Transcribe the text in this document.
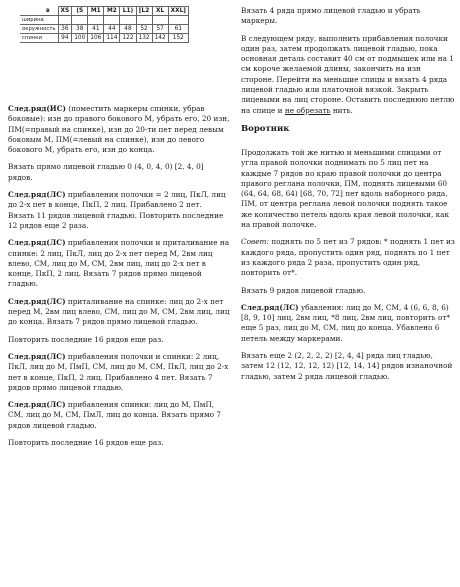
в	XS	(S	M1	M2	L1)	[L2	XL	XXL]
ширина								
окружность	36	38	41	44	48	52	57	61
спинки	94	100	106	114	122	132	142	152

След.ряд(ИС) (поместить маркеры спинки, убрав боковые): изн до правого бокового М, убрать его, 20 изн, ПМ(=правый на спинке), изн до 20-ти пет перед левым боковым М, ПМ(=левый на спинке), изн до левого бокового М, убрать его, изн до конца.

Вязать прямо лицевой гладью 0 (4, 0, 4, 0) [2, 4, 0] рядов.

След.ряд(ЛС) прибавления полочки = 2 лиц, ПкЛ, лиц до 2-х пет в конце, ПкП, 2 лиц. Прибавлено 2 пет. Вязать 11 рядов лицевой гладью. Повторить последние 12 рядов еще 2 раза.

След.ряд(ЛС) прибавления полочки и приталивание на спинке: 2 лиц, ПкЛ, лиц до 2-х пет перед М, 2вм лиц влево, СМ, лиц до М, СМ, 2вм лиц, лиц до 2-х пет в конце, ПкП, 2 лиц. Вязать 7 рядов прямо лицевой гладью.

След.ряд(ЛС) приталивание на спинке: лиц до 2-х пет перед М, 2вм лиц влево, СМ, лиц до М, СМ, 2вм лиц, лиц до конца. Вязать 7 рядов прямо лицевой гладью.

Повторить последние 16 рядов еще раз.

След.ряд(ЛС) прибавления полочки и спинки: 2 лиц, ПкЛ, лиц до М, ПмП, СМ, лиц до М, СМ, ПкЛ, лиц до 2-х пет в конце, ПкП, 2 лиц. Прибавлено 4 пет. Вязать 7 рядов прямо лицевой гладью.

След.ряд(ЛС) прибавления спинки: лиц до М, ПмП, СМ, лиц до М, СМ, ПмЛ, лиц до конца. Вязать прямо 7 рядов лицевой гладью.

Повторить последние 16 рядов еще раз.

Вязать 4 ряда прямо лицевой гладью и убрать маркеры.

В следующем ряду, выполнить прибавления полочки один раз, затем продолжать лицевой гладью, пока основная деталь составит 40 см от подмышек или на 1 см короче желаемой длины, закончить на изн стороне. Перейти на меньшие спицы и вязать 4 ряда лицевой гладью или платочной вязкой. Закрыть лицевыми на лиц стороне. Оставить последнюю петлю на спице и не обрезать нить.

Воротник

Продолжать той же нитью и меньшими спицами от угла правой полочки поднимать по 5 лиц пет на каждые 7 рядов по краю правой полочки до центра правого реглана полочки, ПМ, поднять лицевыми 60 (64, 64, 68, 64) [68, 70, 72] пет вдоль наборного ряда, ПМ, от центра реглана левой полочки поднять такое же количество петель вдоль края левой полочки, как на правой полочке.

Совет: поднять по 5 пет из 7 рядов: * поднять 1 пет из каждого ряда, пропустить один ряд, поднять по 1 пет из каждого ряда 2 раза, пропустить один ряд, повторить от*.

Вязать 9 рядов лицевой гладью.

След.ряд(ЛС) убавления: лиц до М, СМ, 4 (6, 6, 8, 6) [8, 9, 10] лиц, 2вм лиц, *8 лиц, 2вм лиц, повторить от* еще 5 раз, лиц до М, СМ, лиц до конца. Убавлено 6 петель между маркерами.

Вязать еще 2 (2, 2, 2, 2) [2, 4, 4] ряда лиц гладью, затем 12 (12, 12, 12, 12) [12, 14, 14] рядов изнаночной гладью, затем 2 ряда лицевой гладью.
